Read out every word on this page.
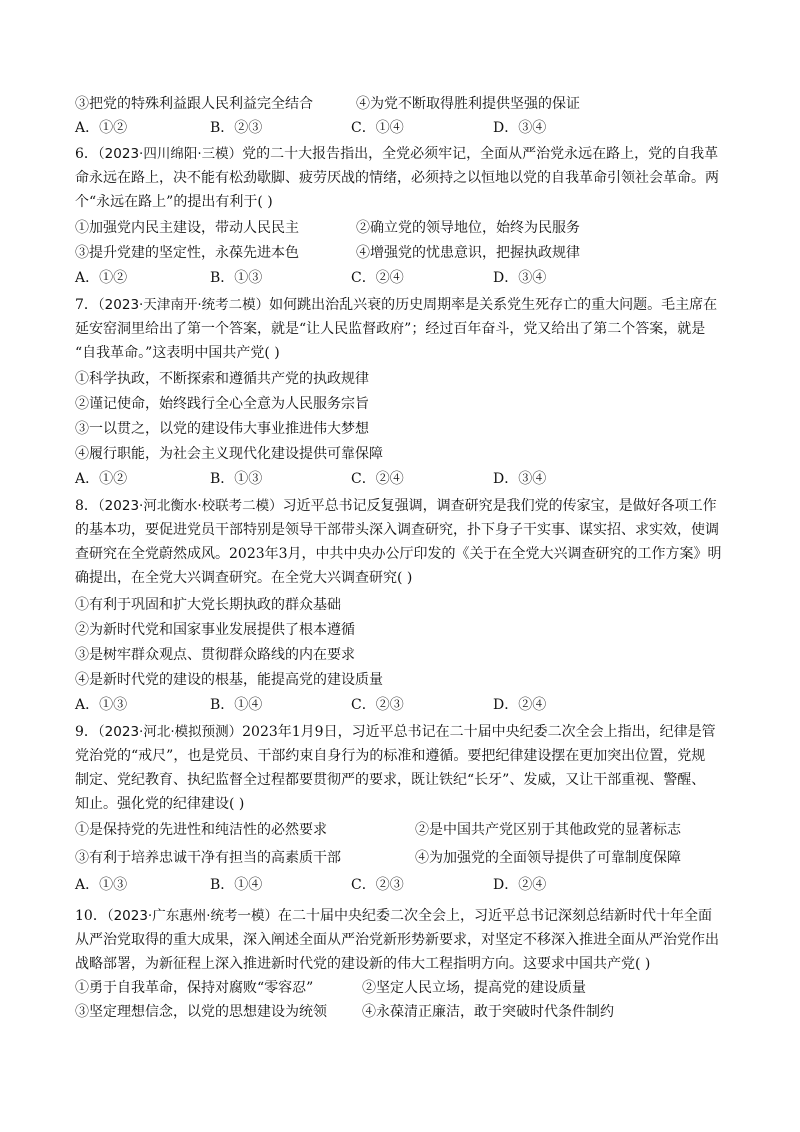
③把党的特殊利益跟人民利益完全结合	④为党不断取得胜利提供坚强的保证
A．①②	B．②③	C．①④	D．③④
6．（2023·四川绵阳·三模）党的二十大报告指出，全党必须牢记，全面从严治党永远在路上，党的自我革
命永远在路上，决不能有松劲歇脚、疲劳厌战的情绪，必须持之以恒地以党的自我革命引领社会革命。两
个“永远在路上”的提出有利于( )
①加强党内民主建设，带动人民民主	②确立党的领导地位，始终为民服务
③提升党建的坚定性，永葆先进本色	④增强党的忧患意识，把握执政规律
A．①②	B．①③	C．②④	D．③④
7．（2023·天津南开·统考二模）如何跳出治乱兴衰的历史周期率是关系党生死存亡的重大问题。毛主席在
延安窑洞里给出了第一个答案，就是“让人民监督政府”；经过百年奋斗，党又给出了第二个答案，就是
“自我革命。”这表明中国共产党( )
①科学执政，不断探索和遵循共产党的执政规律
②谨记使命，始终践行全心全意为人民服务宗旨
③一以贯之，以党的建设伟大事业推进伟大梦想
④履行职能，为社会主义现代化建设提供可靠保障
A．①②	B．①③	C．②④	D．③④
8．（2023·河北衡水·校联考二模）习近平总书记反复强调，调查研究是我们党的传家宝，是做好各项工作
的基本功，要促进党员干部特别是领导干部带头深入调查研究，扑下身子干实事、谋实招、求实效，使调
查研究在全党蔚然成风。2023年3月，中共中央办公厅印发的《关于在全党大兴调查研究的工作方案》明
确提出，在全党大兴调查研究。在全党大兴调查研究( )
①有利于巩固和扩大党长期执政的群众基础
②为新时代党和国家事业发展提供了根本遵循
③是树牢群众观点、贯彻群众路线的内在要求
④是新时代党的建设的根基，能提高党的建设质量
A．①③	B．①④	C．②③	D．②④
9．（2023·河北·模拟预测）2023年1月9日，习近平总书记在二十届中央纪委二次全会上指出，纪律是管
党治党的“戒尺”，也是党员、干部约束自身行为的标准和遵循。要把纪律建设摆在更加突出位置，党规
制定、党纪教育、执纪监督全过程都要贯彻严的要求，既让铁纪“长牙”、发威，又让干部重视、警醒、
知止。强化党的纪律建设( )
①是保持党的先进性和纯洁性的必然要求	②是中国共产党区别于其他政党的显著标志
③有利于培养忠诚干净有担当的高素质干部	④为加强党的全面领导提供了可靠制度保障
A．①③	B．①④	C．②③	D．②④
10．（2023·广东惠州·统考一模）在二十届中央纪委二次全会上，习近平总书记深刻总结新时代十年全面
从严治党取得的重大成果，深入阐述全面从严治党新形势新要求，对坚定不移深入推进全面从严治党作出
战略部署，为新征程上深入推进新时代党的建设新的伟大工程指明方向。这要求中国共产党( )
①勇于自我革命，保持对腐败“零容忍”	②坚定人民立场，提高党的建设质量
③坚定理想信念，以党的思想建设为统领	④永葆清正廉洁，敢于突破时代条件制约
